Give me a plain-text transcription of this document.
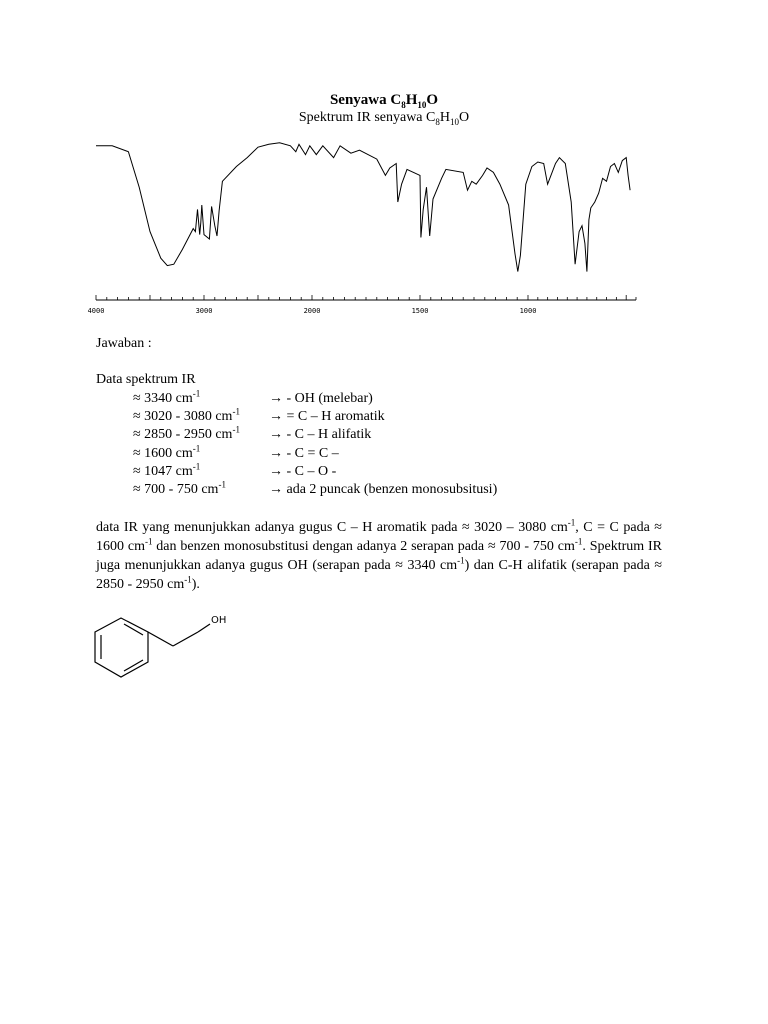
Senyawa $C_8H_{10}O$
Spektrum IR senyawa $C_8H_{10}O$
4000	3000	2000	1500	1000
Jawaban :
Data spektrum IR
≈ 3340 $cm^{-1}$	→ - OH (melebar)
≈ 3020 - 3080 $cm^{-1}$	→ = C – H aromatik
≈ 2850 - 2950 $cm^{-1}$	→ - C – H alifatik
≈ 1600 $cm^{-1}$	→ - C = C –
≈ 1047 $cm^{-1}$	→ - C – O -
≈ 700 - 750 $cm^{-1}$	→ ada 2 puncak (benzen monosubsitusi)
data IR yang menunjukkan adanya gugus C – H aromatik pada ≈ 3020 – 3080 $cm^{-1}$, C = C pada ≈ 1600 $cm^{-1}$ dan benzen monosubstitusi dengan adanya 2 serapan pada ≈ 700 - 750 $cm^{-1}$. Spektrum IR juga menunjukkan adanya gugus OH (serapan pada ≈ 3340 $cm^{-1}$) dan C-H alifatik (serapan pada ≈ 2850 - 2950 $cm^{-1}$).
OH
